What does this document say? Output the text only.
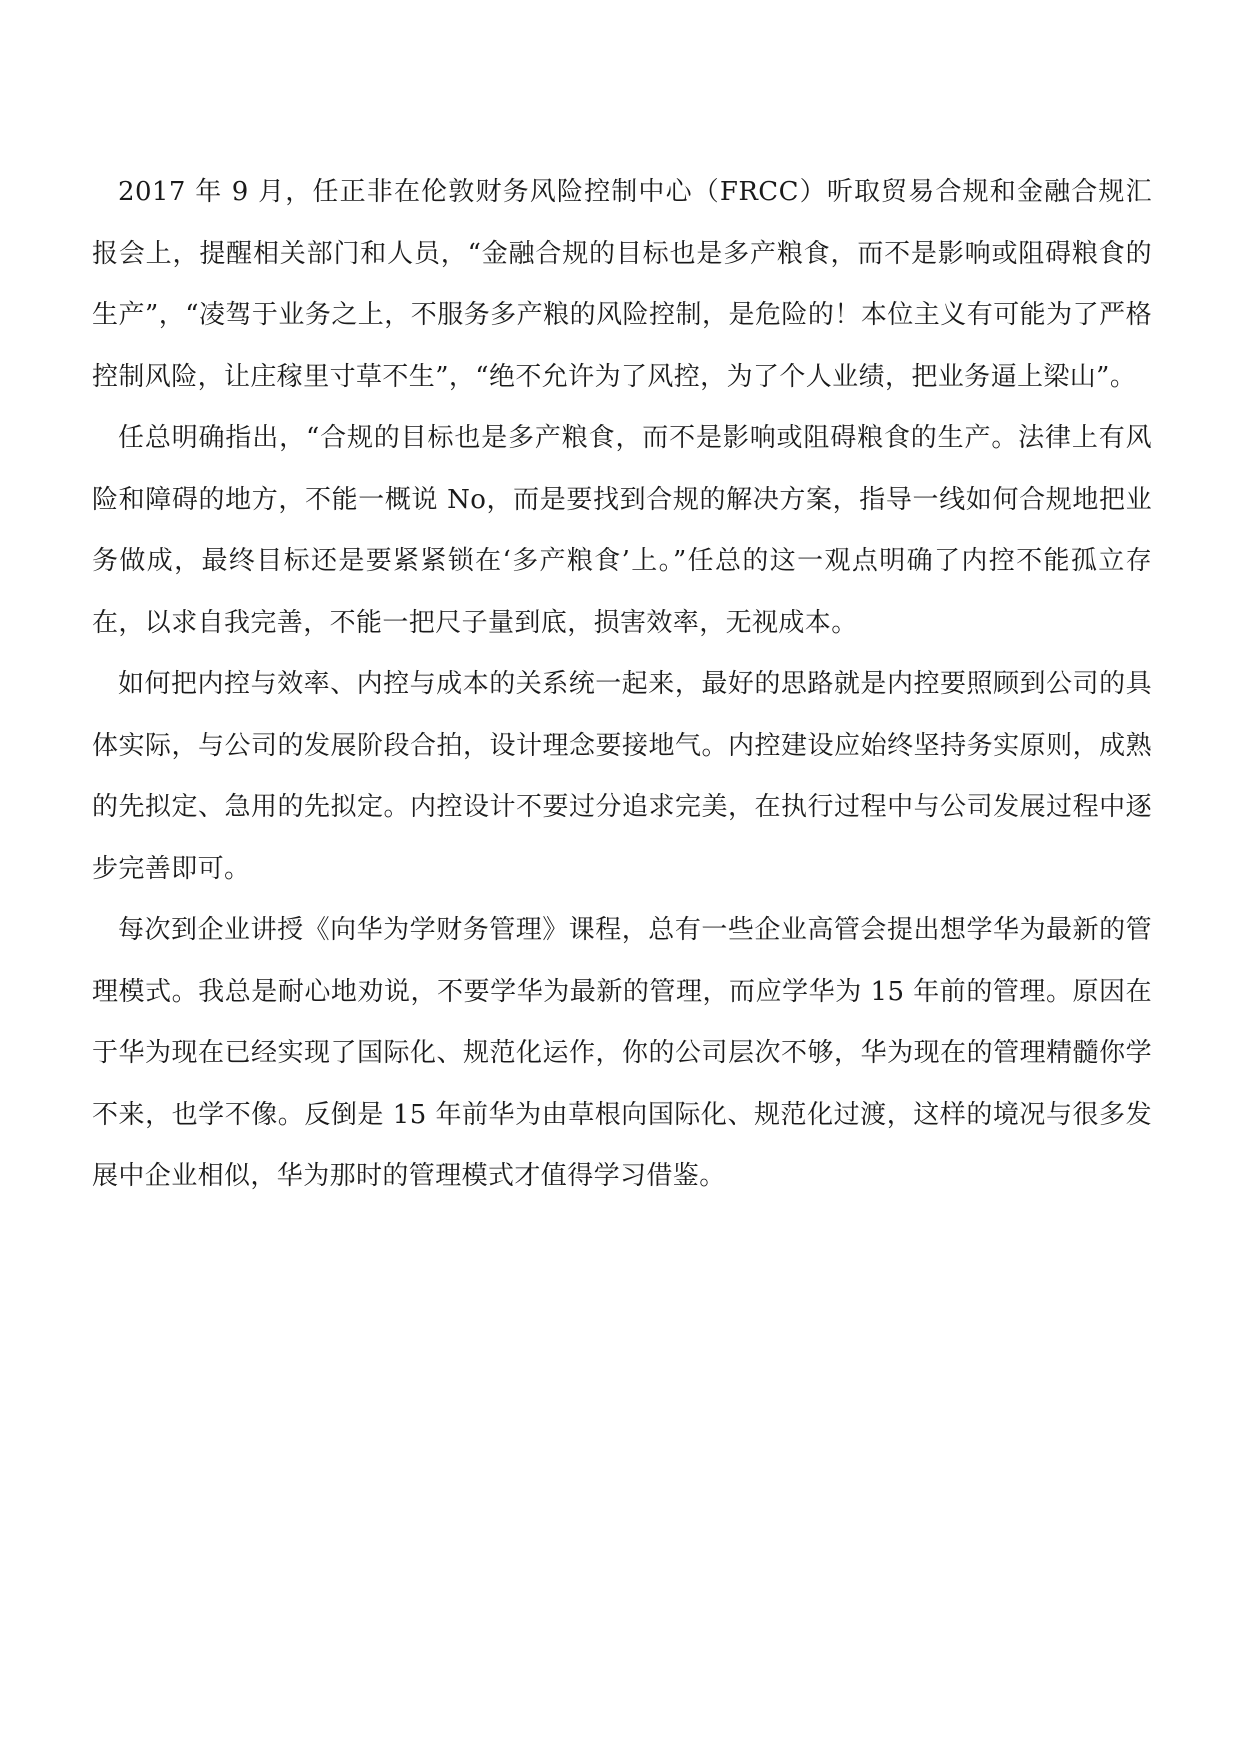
2017 年 9 月，任正非在伦敦财务风险控制中心（FRCC）听取贸易合规和金融合规汇报会上，提醒相关部门和人员，“金融合规的目标也是多产粮食，而不是影响或阻碍粮食的生产”，“凌驾于业务之上，不服务多产粮的风险控制，是危险的！本位主义有可能为了严格控制风险，让庄稼里寸草不生”，“绝不允许为了风控，为了个人业绩，把业务逼上梁山”。

任总明确指出，“合规的目标也是多产粮食，而不是影响或阻碍粮食的生产。法律上有风险和障碍的地方，不能一概说 No，而是要找到合规的解决方案，指导一线如何合规地把业务做成，最终目标还是要紧紧锁在‘多产粮食’上。”任总的这一观点明确了内控不能孤立存在，以求自我完善，不能一把尺子量到底，损害效率，无视成本。

如何把内控与效率、内控与成本的关系统一起来，最好的思路就是内控要照顾到公司的具体实际，与公司的发展阶段合拍，设计理念要接地气。内控建设应始终坚持务实原则，成熟的先拟定、急用的先拟定。内控设计不要过分追求完美，在执行过程中与公司发展过程中逐步完善即可。

每次到企业讲授《向华为学财务管理》课程，总有一些企业高管会提出想学华为最新的管理模式。我总是耐心地劝说，不要学华为最新的管理，而应学华为 15 年前的管理。原因在于华为现在已经实现了国际化、规范化运作，你的公司层次不够，华为现在的管理精髓你学不来，也学不像。反倒是 15 年前华为由草根向国际化、规范化过渡，这样的境况与很多发展中企业相似，华为那时的管理模式才值得学习借鉴。
